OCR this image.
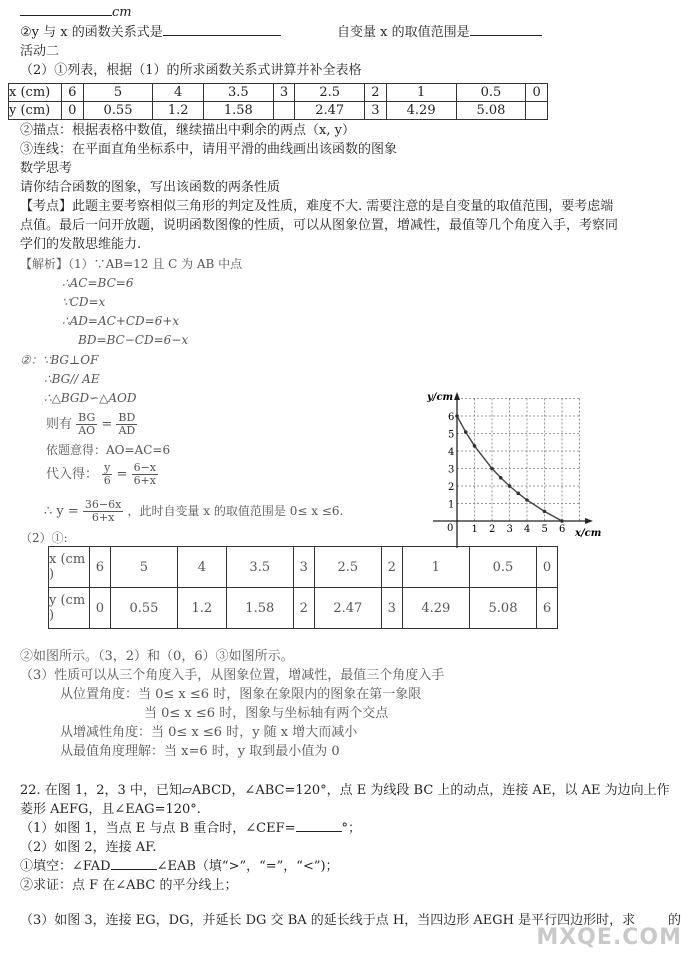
cm
②y 与 x 的函数关系式是	自变量 x 的取值范围是
活动二
（2）①列表，根据（1）的所求函数关系式讲算并补全表格
x (cm)	6	5	4	3.5	3	2.5	2	1	0.5	0
y (cm)	0	0.55	1.2	1.58		2.47	3	4.29	5.08	
②描点：根据表格中数值，继续描出中剩余的两点（x, y）
③连线：在平面直角坐标系中，请用平滑的曲线画出该函数的图象
数学思考
请你结合函数的图象，写出该函数的两条性质
【考点】此题主要考察相似三角形的判定及性质，难度不大. 需要注意的是自变量的取值范围，要考虑端
点值。最后一问开放题，说明函数图像的性质，可以从图象位置，增减性，最值等几个角度入手，考察同
学们的发散思维能力.
【解析】（1）∵AB=12 且 C 为 AB 中点
∴AC=BC=6
∵CD=x
∴AD=AC+CD=6+x
BD=BC−CD=6−x
②：∵BG⊥OF
∴BG// AE
∴△BGD∽△AOD
则有 $\frac{BG}{AO} = \frac{BD}{AD}$
依题意得：AO=AC=6
代入得： $\frac{y}{6} = \frac{6-x}{6+x}$
∴ $y = \frac{36-6x}{6+x}$ ，此时自变量 x 的取值范围是 0≤ x ≤6.
（2）①:
y/cm
x/cm
0 1 2 3 4 5 6
1
2
3
4
5
6
x (cm )	6	5	4	3.5	3	2.5	2	1	0.5	0
y (cm )	0	0.55	1.2	1.58	2	2.47	3	4.29	5.08	6
②如图所示。（3，2）和（0，6）③如图所示。
（3）性质可以从三个角度入手，从图象位置，增减性，最值三个角度入手
从位置角度：当 0≤ x ≤6 时，图象在象限内的图象在第一象限
当 0≤ x ≤6 时，图象与坐标轴有两个交点
从增减性角度：当 0≤ x ≤6 时，y 随 x 增大而减小
从最值角度理解：当 x=6 时，y 取到最小值为 0
22. 在图 1，2，3 中，已知▱ABCD，∠ABC=120°，点 E 为线段 BC 上的动点，连接 AE，以 AE 为边向上作
菱形 AEFG，且∠EAG=120°.
（1）如图 1，当点 E 与点 B 重合时，∠CEF=	°；
（2）如图 2，连接 AF.
①填空：∠FAD	∠EAB（填“>”，“=”，“<”)；
②求证：点 F 在∠ABC 的平分线上；
（3）如图 3，连接 EG，DG，并延长 DG 交 BA 的延长线于点 H，当四边形 AEGH 是平行四边形时，求	的
MXQE.COM
